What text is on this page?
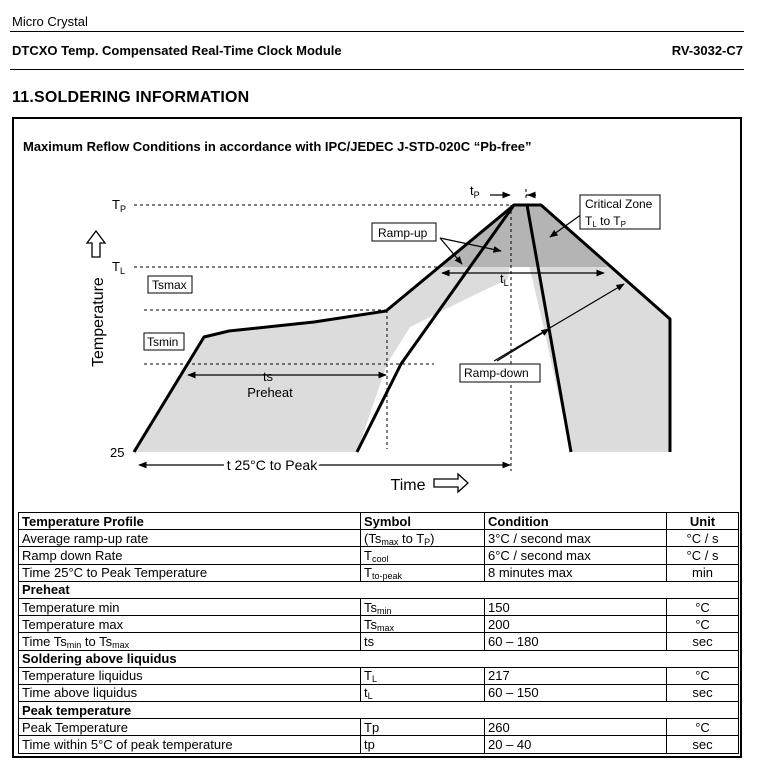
Micro Crystal
DTCXO Temp. Compensated Real-Time Clock Module	RV-3032-C7
11.SOLDERING INFORMATION
$T_P$
$T_L$
25
Tsmax
Tsmin
$t_P$
$t_L$
ts
Preheat
Ramp-up
Ramp-down
Critical Zone
TL to TP
t 25°C to Peak
Time
Temperature
Maximum Reflow Conditions in accordance with IPC/JEDEC J-STD-020C “Pb-free”
Temperature Profile	Symbol	Condition	Unit
Average ramp-up rate	($Ts_{max}$ to $T_P$)	3°C / second max	°C / s
Ramp down Rate	$T_{cool}$	6°C / second max	°C / s
Time 25°C to Peak Temperature	$T_{to-peak}$	8 minutes max	min
Preheat			
Temperature min	$Ts_{min}$	150	°C
Temperature max	$Ts_{max}$	200	°C
Time $Ts_{min}$ to $Ts_{max}$	ts	60 – 180	sec
Soldering above liquidus			
Temperature liquidus	$T_L$	217	°C
Time above liquidus	$t_L$	60 – 150	sec
Peak temperature			
Peak Temperature	Tp	260	°C
Time within 5°C of peak temperature	tp	20 – 40	sec
